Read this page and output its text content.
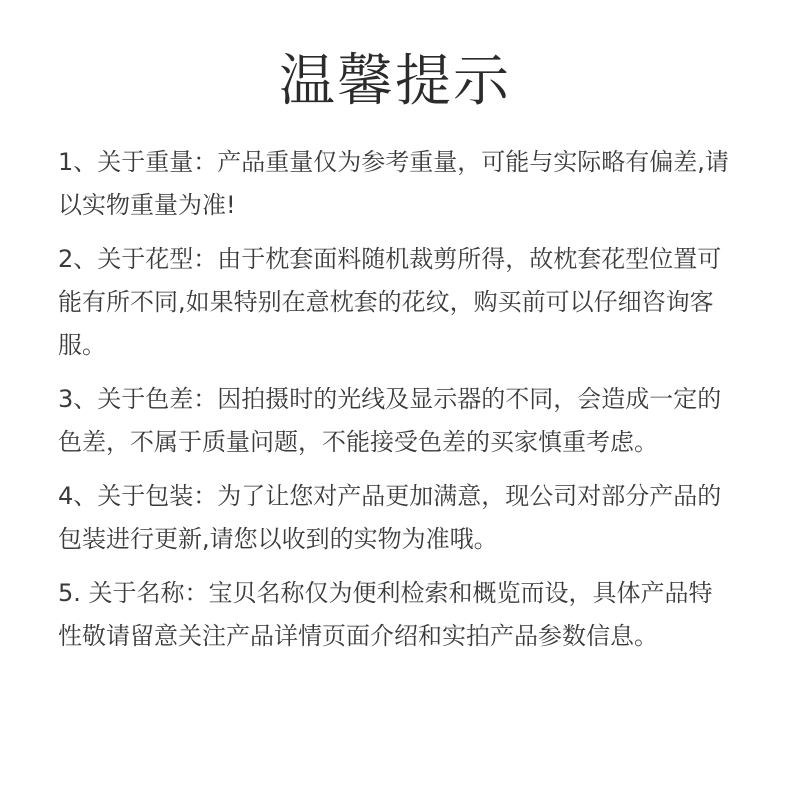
温馨提示
1、关于重量：产品重量仅为参考重量，可能与实际略有偏差,请以实物重量为准!
2、关于花型：由于枕套面料随机裁剪所得，故枕套花型位置可能有所不同,如果特别在意枕套的花纹，购买前可以仔细咨询客服。
3、关于色差：因拍摄时的光线及显示器的不同，会造成一定的色差，不属于质量问题，不能接受色差的买家慎重考虑。
4、关于包装：为了让您对产品更加满意，现公司对部分产品的包装进行更新,请您以收到的实物为准哦。
5. 关于名称：宝贝名称仅为便利检索和概览而设，具体产品特性敬请留意关注产品详情页面介绍和实拍产品参数信息。
